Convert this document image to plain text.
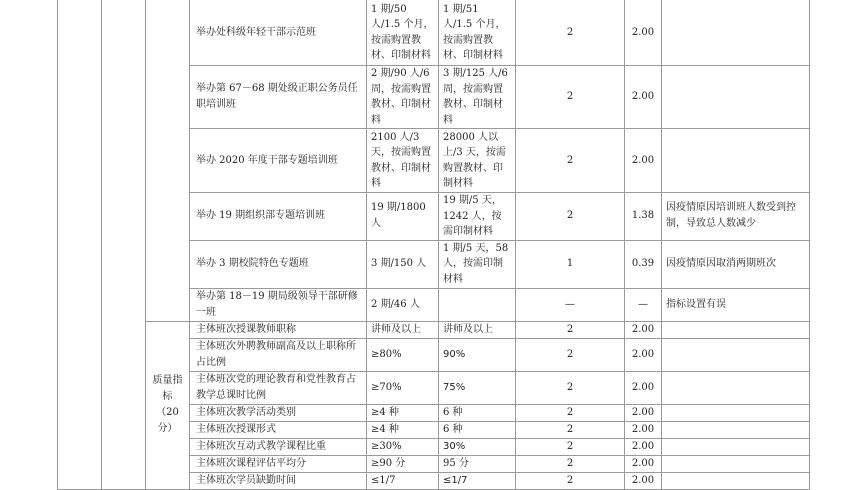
			举办处科级年轻干部示范班	1 期/50 人/1.5 个月，按需购置教材、印制材料	1 期/51 人/1.5 个月，按需购置教材、印制材料	2	2.00	
			举办第 67－68 期处级正职公务员任职培训班	2 期/90 人/6 周，按需购置教材、印制材料	3 期/125 人/6 周，按需购置教材、印制材料	2	2.00	
			举办 2020 年度干部专题培训班	2100 人/3 天，按需购置教材、印制材料	28000 人以上/3 天，按需购置教材、印制材料	2	2.00	
			举办 19 期组织部专题培训班	19 期/1800 人	19 期/5 天，1242 人，按需印制材料	2	1.38	因疫情原因培训班人数受到控制，导致总人数减少
			举办 3 期校院特色专题班	3 期/150 人	1 期/5 天，58 人，按需印制材料	1	0.39	因疫情原因取消两期班次
			举办第 18－19 期局级领导干部研修一班	2 期/46 人		—	—	指标设置有误

		质量指
标
（20
分）	主体班次授课教师职称	讲师及以上	讲师及以上	2	2.00	
			主体班次外聘教师副高及以上职称所占比例	≥80%	90%	2	2.00	
			主体班次党的理论教育和党性教育占教学总课时比例	≥70%	75%	2	2.00	
			主体班次教学活动类别	≥4 种	6 种	2	2.00	
			主体班次授课形式	≥4 种	6 种	2	2.00	
			主体班次互动式教学课程比重	≥30%	30%	2	2.00	
			主体班次课程评估平均分	≥90 分	95 分	2	2.00	
			主体班次学员缺勤时间	≤1/7	≤1/7	2	2.00	
